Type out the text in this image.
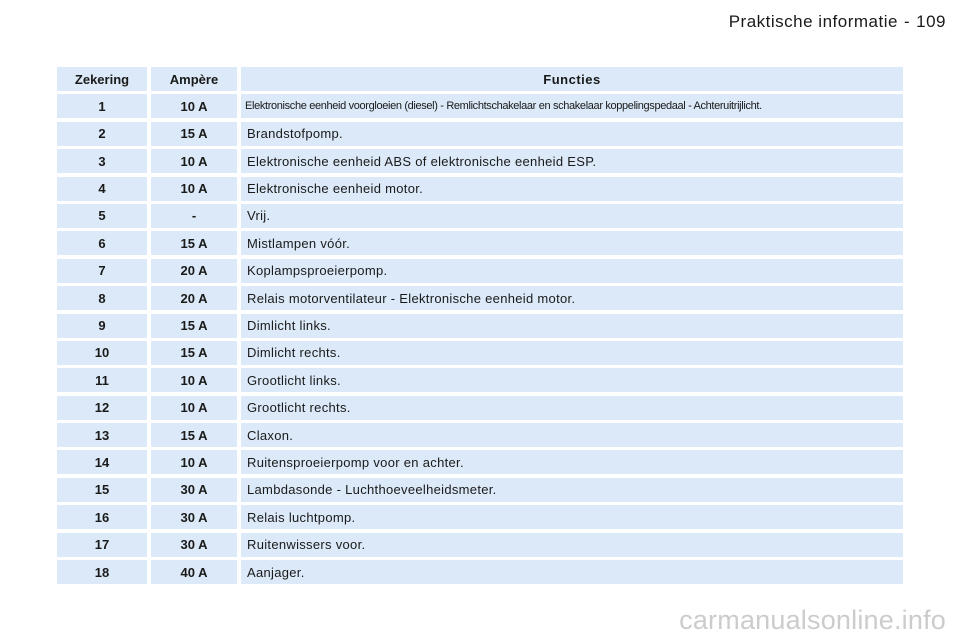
Praktische informatie - 109
Zekering	Ampère	Functies
1	10 A	Elektronische eenheid voorgloeien (diesel) - Remlichtschakelaar en schakelaar koppelingspedaal - Achteruitrijlicht.
2	15 A	Brandstofpomp.
3	10 A	Elektronische eenheid ABS of elektronische eenheid ESP.
4	10 A	Elektronische eenheid motor.
5	-	Vrij.
6	15 A	Mistlampen vóór.
7	20 A	Koplampsproeierpomp.
8	20 A	Relais motorventilateur - Elektronische eenheid motor.
9	15 A	Dimlicht links.
10	15 A	Dimlicht rechts.
11	10 A	Grootlicht links.
12	10 A	Grootlicht rechts.
13	15 A	Claxon.
14	10 A	Ruitensproeierpomp voor en achter.
15	30 A	Lambdasonde - Luchthoeveelheidsmeter.
16	30 A	Relais luchtpomp.
17	30 A	Ruitenwissers voor.
18	40 A	Aanjager.
carmanualsonline.info
